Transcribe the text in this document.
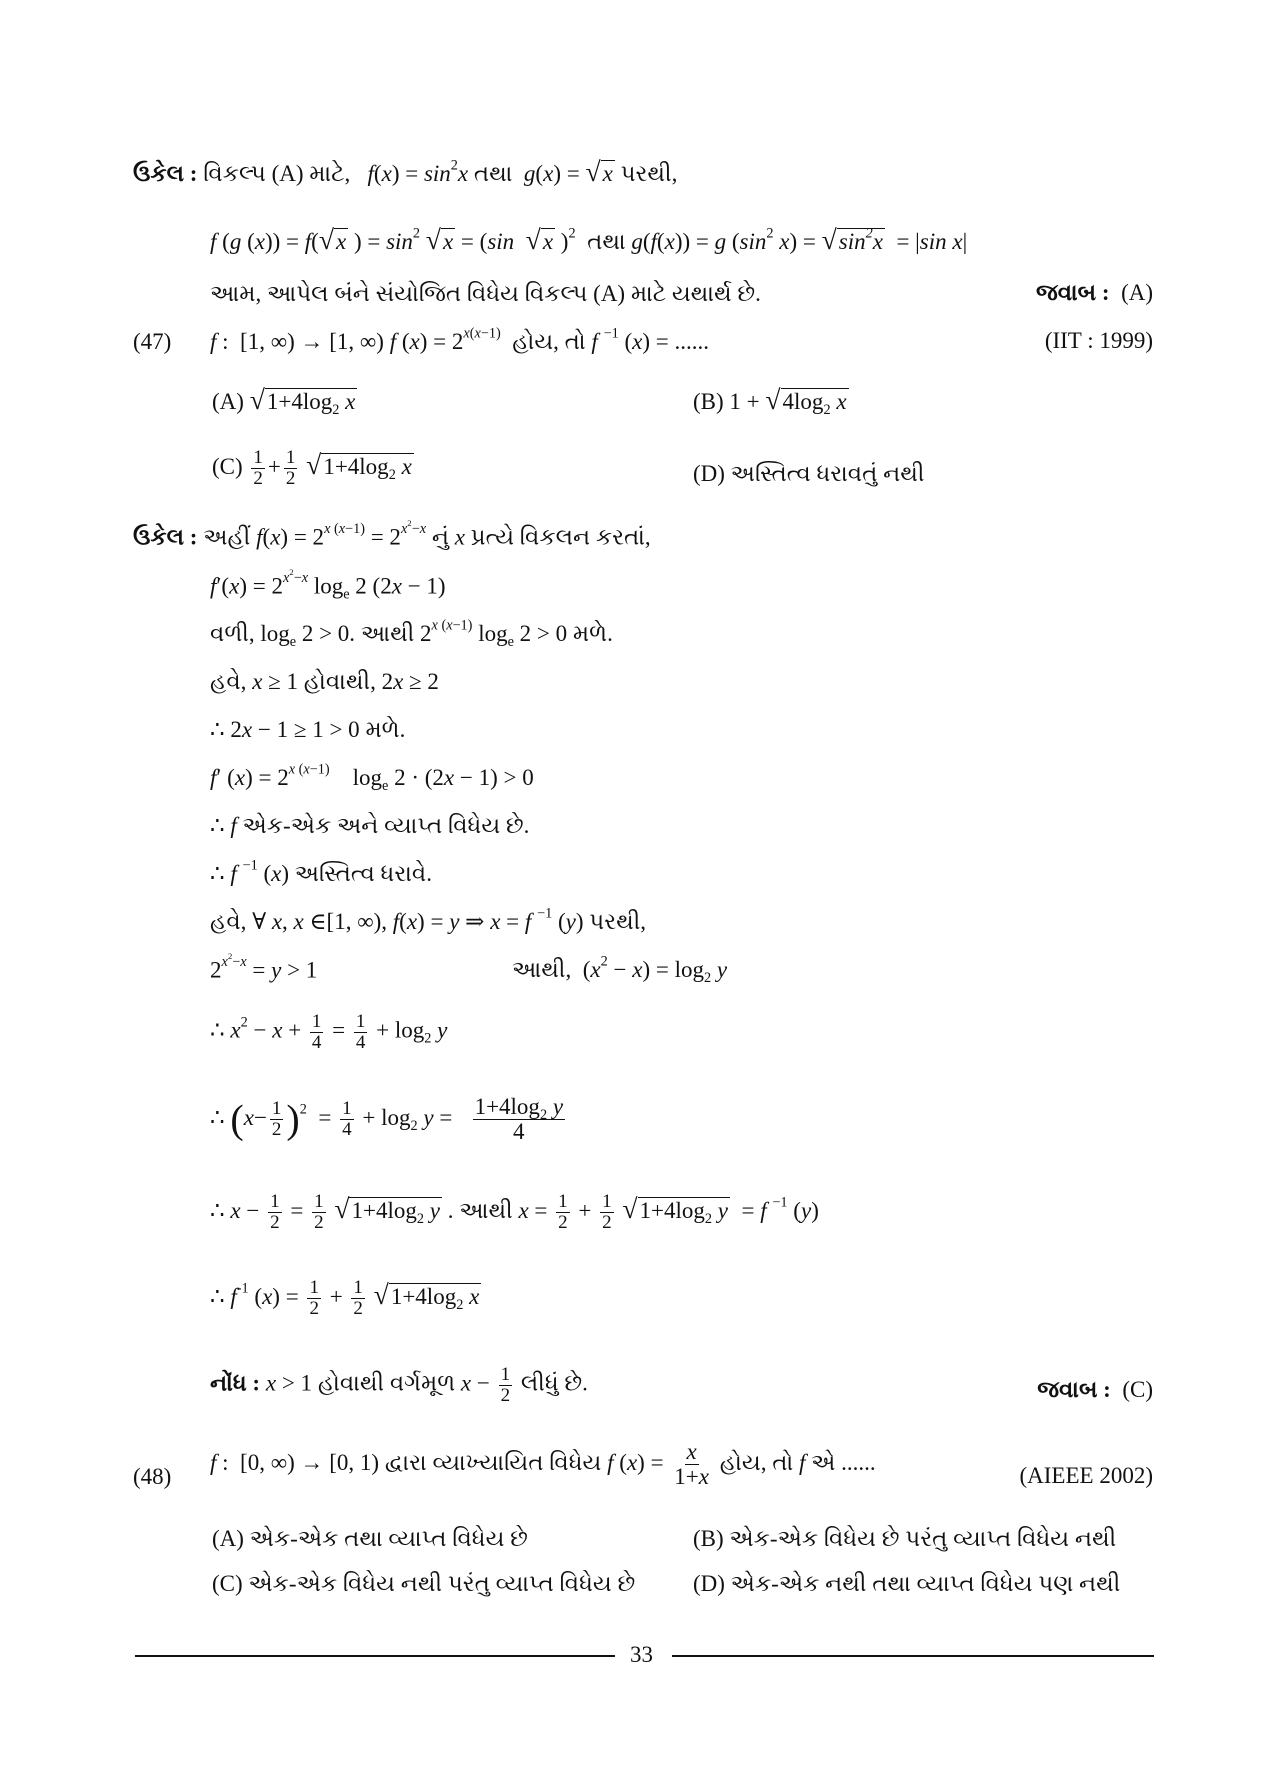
ઉકેલ : વિકલ્પ (A) માટે,   $f(x) = \sin^2x$ તથા g(x) = √x પરથી,
f (g (x)) = f(√x ) = $\sin^2 √x = (\sin$ √x )$^2$ તથા g(f(x)) = g ($\sin^2$ $x) = √\sin^2x = |\sin$ x|
આમ, આપેલ બંને સંયોજિત વિધેય વિકલ્પ (A) માટે યથાર્થ છે.	જવાબ : (A)
(47) f :  [1, ∞) → [1, ∞) f $(x) = 2^{x(x-1)}$ હોય, તો f $^{-1}$ (x) = ......	(IIT : 1999)
(A) $√1+4\log_2$ x	(B) $1 + √4\log_2$ x
$(C) \frac{1}{2} + \frac{1}{2} √1+4\log_2$ x	(D) અસ્તિત્વ ધરાવતું નથી
ઉકેલ : અહીં $f(x) = 2^{x (x-1)} = 2^{x^2-x}$ નું x પ્રત્યે વિકલન કરતાં,
$f'(x) = 2^{x^2-x}$ $\log_e 2$ (2x − 1)
વળી, $\log_e 2 > 0$. આથી $2^{x (x-1)}$ $\log_e 2 > 0$ મળે.
હવે, x ≥ 1 હોવાથી, 2x ≥ 2
∴ 2x − 1 ≥ 1 > 0 મળે.
f′ $(x) = 2^{x (x-1)}$    $\log_e 2 \cdot (2x - 1) > 0$
∴ f એક-એક અને વ્યાપ્ત વિધેય છે.
∴ f $^{-1}$ (x) અસ્તિત્વ ધરાવે.
હવે, ∀ x, x ∈[1, ∞), f(x) = y ⇒ x = f $^{-1}$ (y) પરથી,
$2^{x^2-x} = y > 1$	આથી,  $(x^2 - x) = \log_2 y$
∴ $x^2 - x + \frac{1}{4} = \frac{1}{4} + \log_2 y$
∴ $(x- \frac{1}{2} )^2 = \frac{1}{4} + \log_2 y = \frac{1+4\log_2 y}{4}$
∴ $x - \frac{1}{2} = \frac{1}{2} √1+4\log_2$ y . આથી $x = \frac{1}{2} + \frac{1}{2} √1+4\log_2$ y  = f $^{-1}$ (y)
∴ $f^{-1}$ $(x) = \frac{1}{2} + \frac{1}{2} √1+4\log_2$ x
નોંધ : x > 1 હોવાથી વર્ગમૂળ $x - \frac{1}{2}$ લીધું છે.	જવાબ : (C)
(48)
f :  [0, ∞) → [0, 1) દ્વારા વ્યાખ્યાયિત વિધેય f $(x) = \frac{x}{1+x}$ હોય, તો f એ ......
(AIEEE 2002)
(A) એક-એક તથા વ્યાપ્ત વિધેય છે	(B) એક-એક વિધેય છે પરંતુ વ્યાપ્ત વિધેય નથી
(C) એક-એક વિધેય નથી પરંતુ વ્યાપ્ત વિધેય છે	(D) એક-એક નથી તથા વ્યાપ્ત વિધેય પણ નથી
33
